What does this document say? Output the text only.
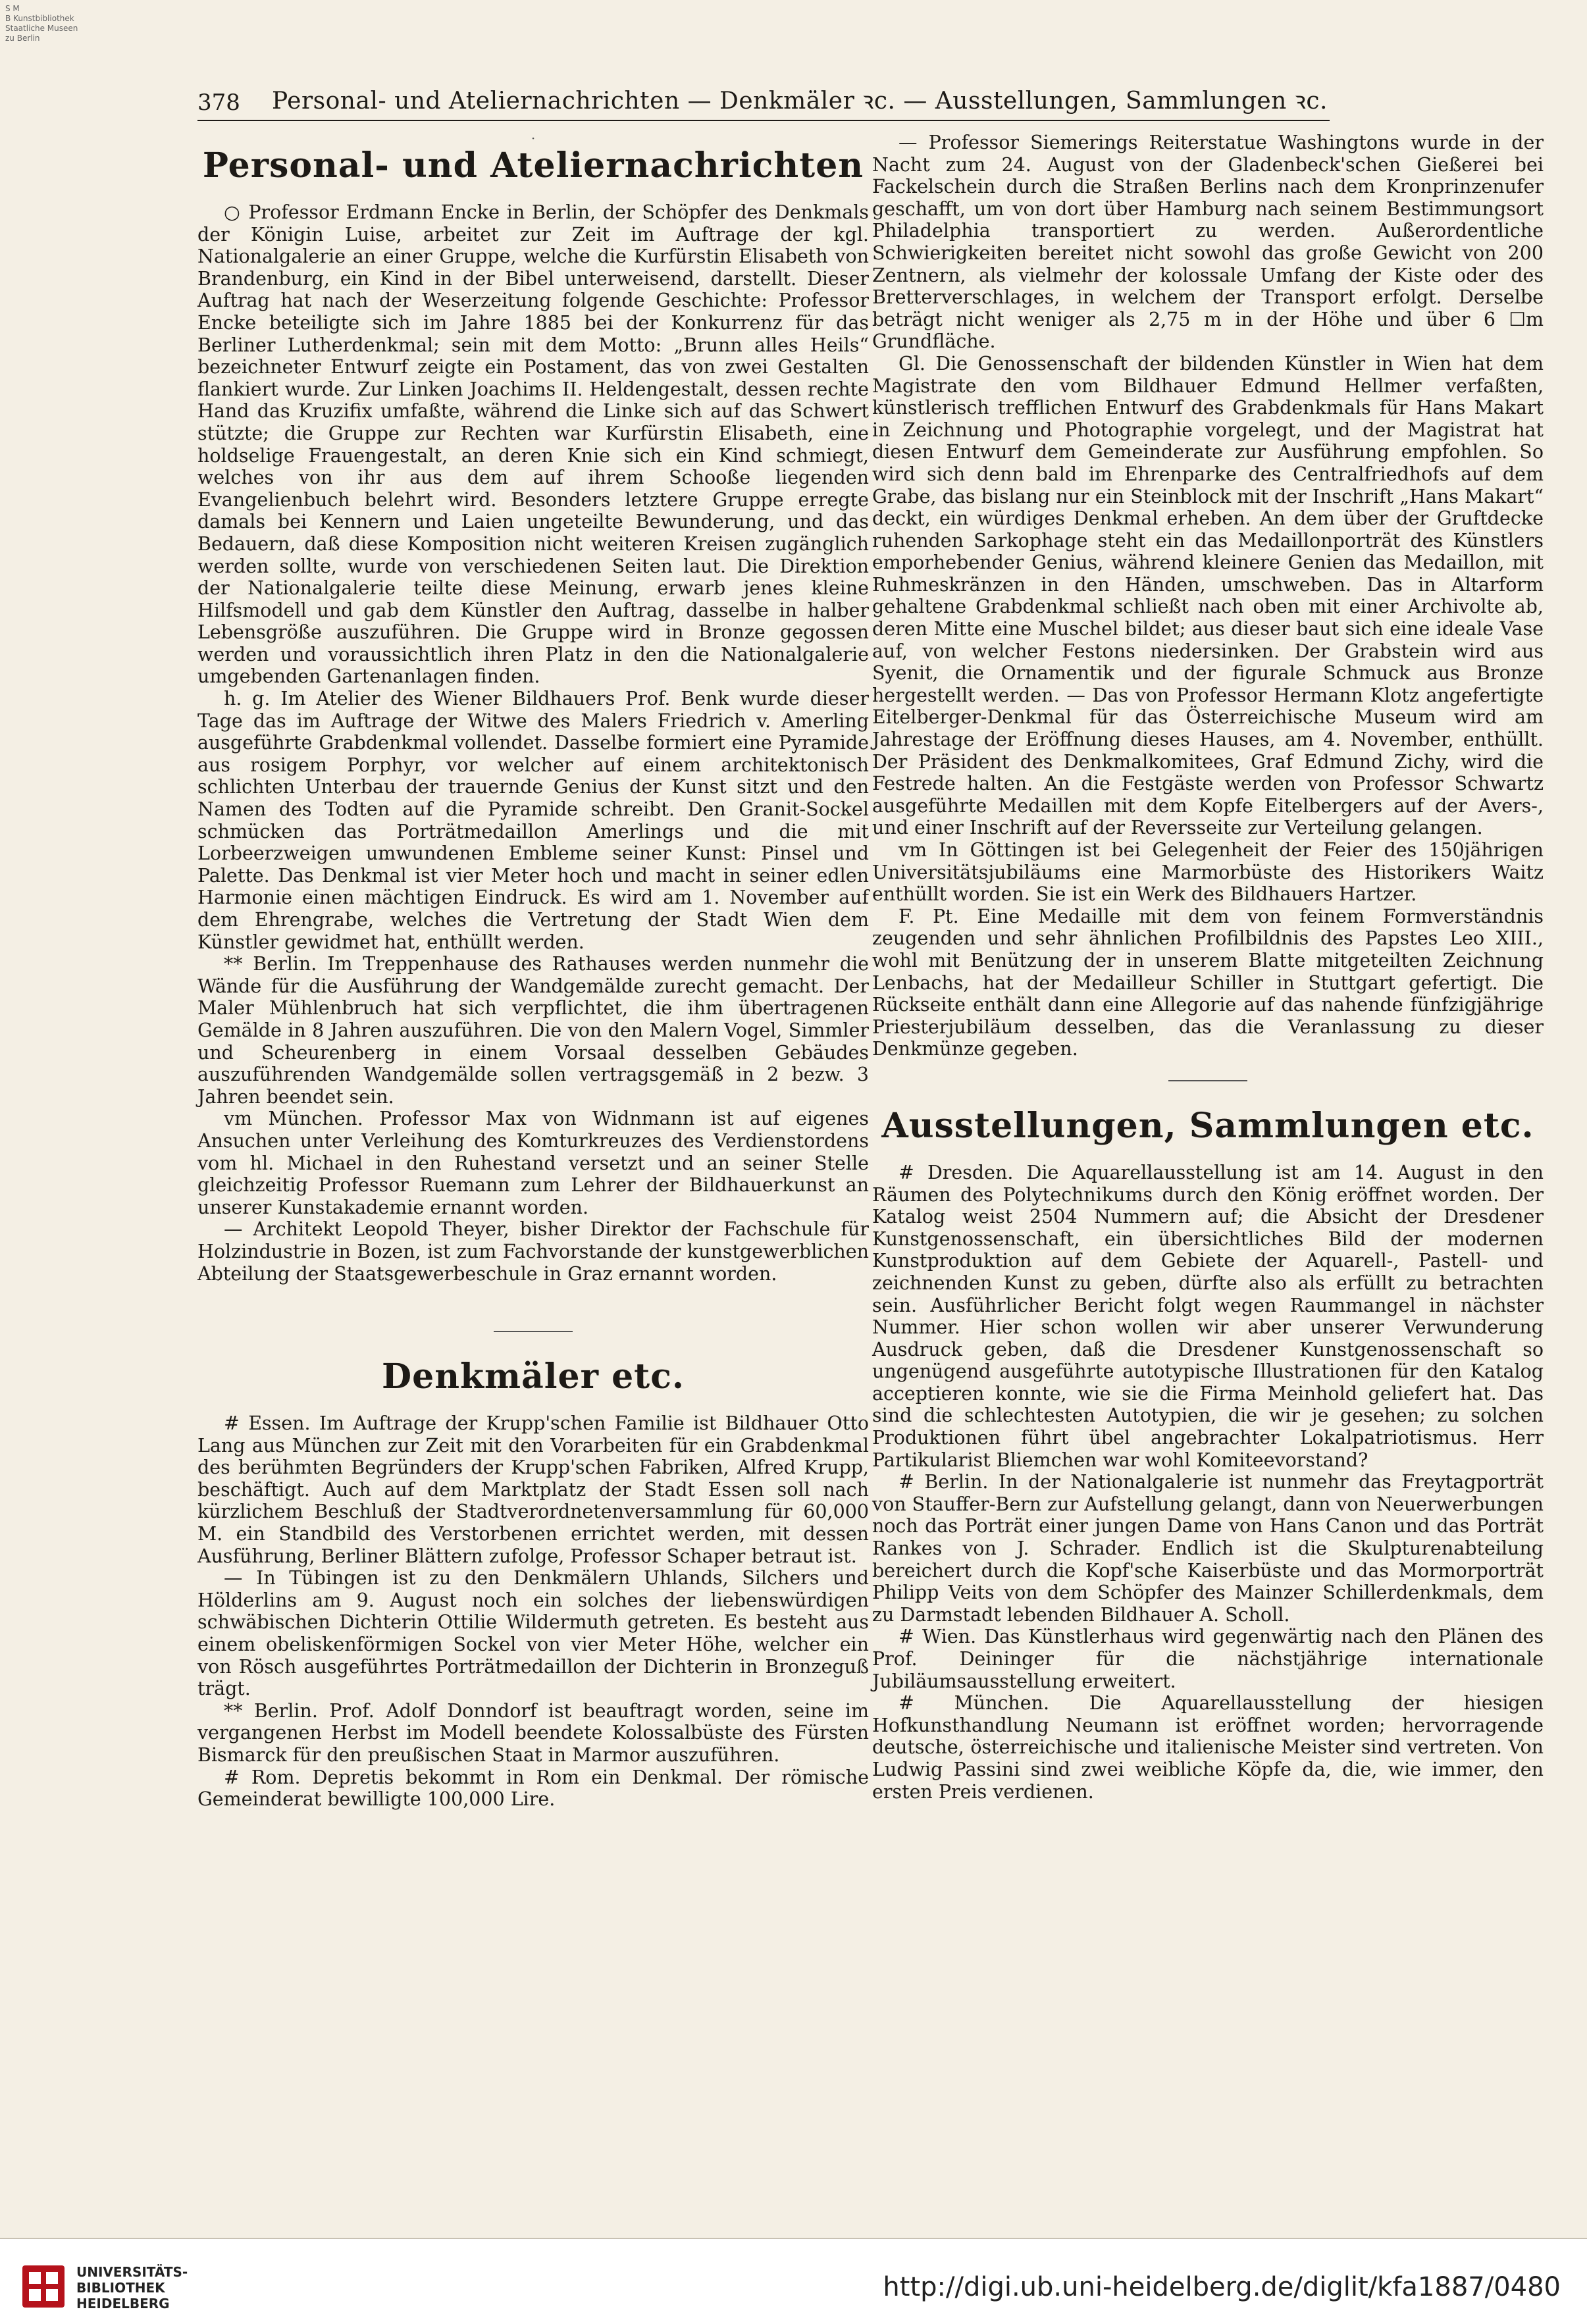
S M
B Kunstbibliothek
Staatliche Museen
zu Berlin
378	Personal- und Ateliernachrichten — Denkmäler ꝛc. — Ausstellungen, Sammlungen ꝛc.
·
Personal- und Ateliernachrichten

○ Professor Erdmann Encke in Berlin, der Schöpfer des Denkmals der Königin Luise, arbeitet zur Zeit im Auftrage der kgl. Nationalgalerie an einer Gruppe, welche die Kurfürstin Elisabeth von Brandenburg, ein Kind in der Bibel unterweisend, darstellt. Dieser Auftrag hat nach der Weserzeitung folgende Geschichte: Professor Encke beteiligte sich im Jahre 1885 bei der Konkurrenz für das Berliner Lutherdenkmal; sein mit dem Motto: „Brunn alles Heils“ bezeichneter Entwurf zeigte ein Postament, das von zwei Gestalten flankiert wurde. Zur Linken Joachims II. Heldengestalt, dessen rechte Hand das Kruzifix umfaßte, während die Linke sich auf das Schwert stützte; die Gruppe zur Rechten war Kurfürstin Elisabeth, eine holdselige Frauengestalt, an deren Knie sich ein Kind schmiegt, welches von ihr aus dem auf ihrem Schooße liegenden Evangelienbuch belehrt wird. Besonders letztere Gruppe erregte damals bei Kennern und Laien ungeteilte Bewunderung, und das Bedauern, daß diese Komposition nicht weiteren Kreisen zugänglich werden sollte, wurde von verschiedenen Seiten laut. Die Direktion der Nationalgalerie teilte diese Meinung, erwarb jenes kleine Hilfsmodell und gab dem Künstler den Auftrag, dasselbe in halber Lebensgröße auszuführen. Die Gruppe wird in Bronze gegossen werden und voraussichtlich ihren Platz in den die Nationalgalerie umgebenden Gartenanlagen finden.

h. g. Im Atelier des Wiener Bildhauers Prof. Benk wurde dieser Tage das im Auftrage der Witwe des Malers Friedrich v. Amerling ausgeführte Grabdenkmal vollendet. Dasselbe formiert eine Pyramide aus rosigem Porphyr, vor welcher auf einem architektonisch schlichten Unterbau der trauernde Genius der Kunst sitzt und den Namen des Todten auf die Pyramide schreibt. Den Granit-Sockel schmücken das Porträtmedaillon Amerlings und die mit Lorbeerzweigen umwundenen Embleme seiner Kunst: Pinsel und Palette. Das Denkmal ist vier Meter hoch und macht in seiner edlen Harmonie einen mächtigen Eindruck. Es wird am 1. November auf dem Ehrengrabe, welches die Vertretung der Stadt Wien dem Künstler gewidmet hat, enthüllt werden.

** Berlin. Im Treppenhause des Rathauses werden nunmehr die Wände für die Ausführung der Wandgemälde zurecht gemacht. Der Maler Mühlenbruch hat sich verpflichtet, die ihm übertragenen Gemälde in 8 Jahren auszuführen. Die von den Malern Vogel, Simmler und Scheurenberg in einem Vorsaal desselben Gebäudes auszuführenden Wandgemälde sollen vertragsgemäß in 2 bezw. 3 Jahren beendet sein.

vm München. Professor Max von Widnmann ist auf eigenes Ansuchen unter Verleihung des Komturkreuzes des Verdienstordens vom hl. Michael in den Ruhestand versetzt und an seiner Stelle gleichzeitig Professor Ruemann zum Lehrer der Bildhauerkunst an unserer Kunstakademie ernannt worden.

— Architekt Leopold Theyer, bisher Direktor der Fachschule für Holzindustrie in Bozen, ist zum Fachvorstande der kunstgewerblichen Abteilung der Staatsgewerbeschule in Graz ernannt worden.

Denkmäler etc.

# Essen. Im Auftrage der Krupp'schen Familie ist Bildhauer Otto Lang aus München zur Zeit mit den Vorarbeiten für ein Grabdenkmal des berühmten Begründers der Krupp'schen Fabriken, Alfred Krupp, beschäftigt. Auch auf dem Marktplatz der Stadt Essen soll nach kürzlichem Beschluß der Stadtverordnetenversammlung für 60,000 M. ein Standbild des Verstorbenen errichtet werden, mit dessen Ausführung, Berliner Blättern zufolge, Professor Schaper betraut ist.

— In Tübingen ist zu den Denkmälern Uhlands, Silchers und Hölderlins am 9. August noch ein solches der liebenswürdigen schwäbischen Dichterin Ottilie Wildermuth getreten. Es besteht aus einem obeliskenförmigen Sockel von vier Meter Höhe, welcher ein von Rösch ausgeführtes Porträtmedaillon der Dichterin in Bronzeguß trägt.

** Berlin. Prof. Adolf Donndorf ist beauftragt worden, seine im vergangenen Herbst im Modell beendete Kolossalbüste des Fürsten Bismarck für den preußischen Staat in Marmor auszuführen.

# Rom. Depretis bekommt in Rom ein Denkmal. Der römische Gemeinderat bewilligte 100,000 Lire.

— Professor Siemerings Reiterstatue Washingtons wurde in der Nacht zum 24. August von der Gladenbeck'schen Gießerei bei Fackelschein durch die Straßen Berlins nach dem Kronprinzenufer geschafft, um von dort über Hamburg nach seinem Bestimmungsort Philadelphia transportiert zu werden. Außerordentliche Schwierigkeiten bereitet nicht sowohl das große Gewicht von 200 Zentnern, als vielmehr der kolossale Umfang der Kiste oder des Bretterverschlages, in welchem der Transport erfolgt. Derselbe beträgt nicht weniger als 2,75 m in der Höhe und über 6 ☐m Grundfläche.

Gl. Die Genossenschaft der bildenden Künstler in Wien hat dem Magistrate den vom Bildhauer Edmund Hellmer verfaßten, künstlerisch trefflichen Entwurf des Grabdenkmals für Hans Makart in Zeichnung und Photographie vorgelegt, und der Magistrat hat diesen Entwurf dem Gemeinderate zur Ausführung empfohlen. So wird sich denn bald im Ehrenparke des Centralfriedhofs auf dem Grabe, das bislang nur ein Steinblock mit der Inschrift „Hans Makart“ deckt, ein würdiges Denkmal erheben. An dem über der Gruftdecke ruhenden Sarkophage steht ein das Medaillonporträt des Künstlers emporhebender Genius, während kleinere Genien das Medaillon, mit Ruhmeskränzen in den Händen, umschweben. Das in Altarform gehaltene Grabdenkmal schließt nach oben mit einer Archivolte ab, deren Mitte eine Muschel bildet; aus dieser baut sich eine ideale Vase auf, von welcher Festons niedersinken. Der Grabstein wird aus Syenit, die Ornamentik und der figurale Schmuck aus Bronze hergestellt werden. — Das von Professor Hermann Klotz angefertigte Eitelberger-Denkmal für das Österreichische Museum wird am Jahrestage der Eröffnung dieses Hauses, am 4. November, enthüllt. Der Präsident des Denkmalkomitees, Graf Edmund Zichy, wird die Festrede halten. An die Festgäste werden von Professor Schwartz ausgeführte Medaillen mit dem Kopfe Eitelbergers auf der Avers-, und einer Inschrift auf der Reversseite zur Verteilung gelangen.

vm In Göttingen ist bei Gelegenheit der Feier des 150jährigen Universitätsjubiläums eine Marmorbüste des Historikers Waitz enthüllt worden. Sie ist ein Werk des Bildhauers Hartzer.

F. Pt. Eine Medaille mit dem von feinem Formverständnis zeugenden und sehr ähnlichen Profilbildnis des Papstes Leo XIII., wohl mit Benützung der in unserem Blatte mitgeteilten Zeichnung Lenbachs, hat der Medailleur Schiller in Stuttgart gefertigt. Die Rückseite enthält dann eine Allegorie auf das nahende fünfzigjährige Priesterjubiläum desselben, das die Veranlassung zu dieser Denkmünze gegeben.

Ausstellungen, Sammlungen etc.

# Dresden. Die Aquarellausstellung ist am 14. August in den Räumen des Polytechnikums durch den König eröffnet worden. Der Katalog weist 2504 Nummern auf; die Absicht der Dresdener Kunstgenossenschaft, ein übersichtliches Bild der modernen Kunstproduktion auf dem Gebiete der Aquarell-, Pastell- und zeichnenden Kunst zu geben, dürfte also als erfüllt zu betrachten sein. Ausführlicher Bericht folgt wegen Raummangel in nächster Nummer. Hier schon wollen wir aber unserer Verwunderung Ausdruck geben, daß die Dresdener Kunstgenossenschaft so ungenügend ausgeführte autotypische Illustrationen für den Katalog acceptieren konnte, wie sie die Firma Meinhold geliefert hat. Das sind die schlechtesten Autotypien, die wir je gesehen; zu solchen Produktionen führt übel angebrachter Lokalpatriotismus. Herr Partikularist Bliemchen war wohl Komiteevorstand?

# Berlin. In der Nationalgalerie ist nunmehr das Freytagporträt von Stauffer-Bern zur Aufstellung gelangt, dann von Neuerwerbungen noch das Porträt einer jungen Dame von Hans Canon und das Porträt Rankes von J. Schrader. Endlich ist die Skulpturenabteilung bereichert durch die Kopf'sche Kaiserbüste und das Mormorporträt Philipp Veits von dem Schöpfer des Mainzer Schillerdenkmals, dem zu Darmstadt lebenden Bildhauer A. Scholl.

# Wien. Das Künstlerhaus wird gegenwärtig nach den Plänen des Prof. Deininger für die nächstjährige internationale Jubiläumsausstellung erweitert.

# München. Die Aquarellausstellung der hiesigen Hofkunsthandlung Neumann ist eröffnet worden; hervorragende deutsche, österreichische und italienische Meister sind vertreten. Von Ludwig Passini sind zwei weibliche Köpfe da, die, wie immer, den ersten Preis verdienen.

UNIVERSITÄTS-
BIBLIOTHEK
HEIDELBERG
http://digi.ub.uni-heidelberg.de/diglit/kfa1887/0480
